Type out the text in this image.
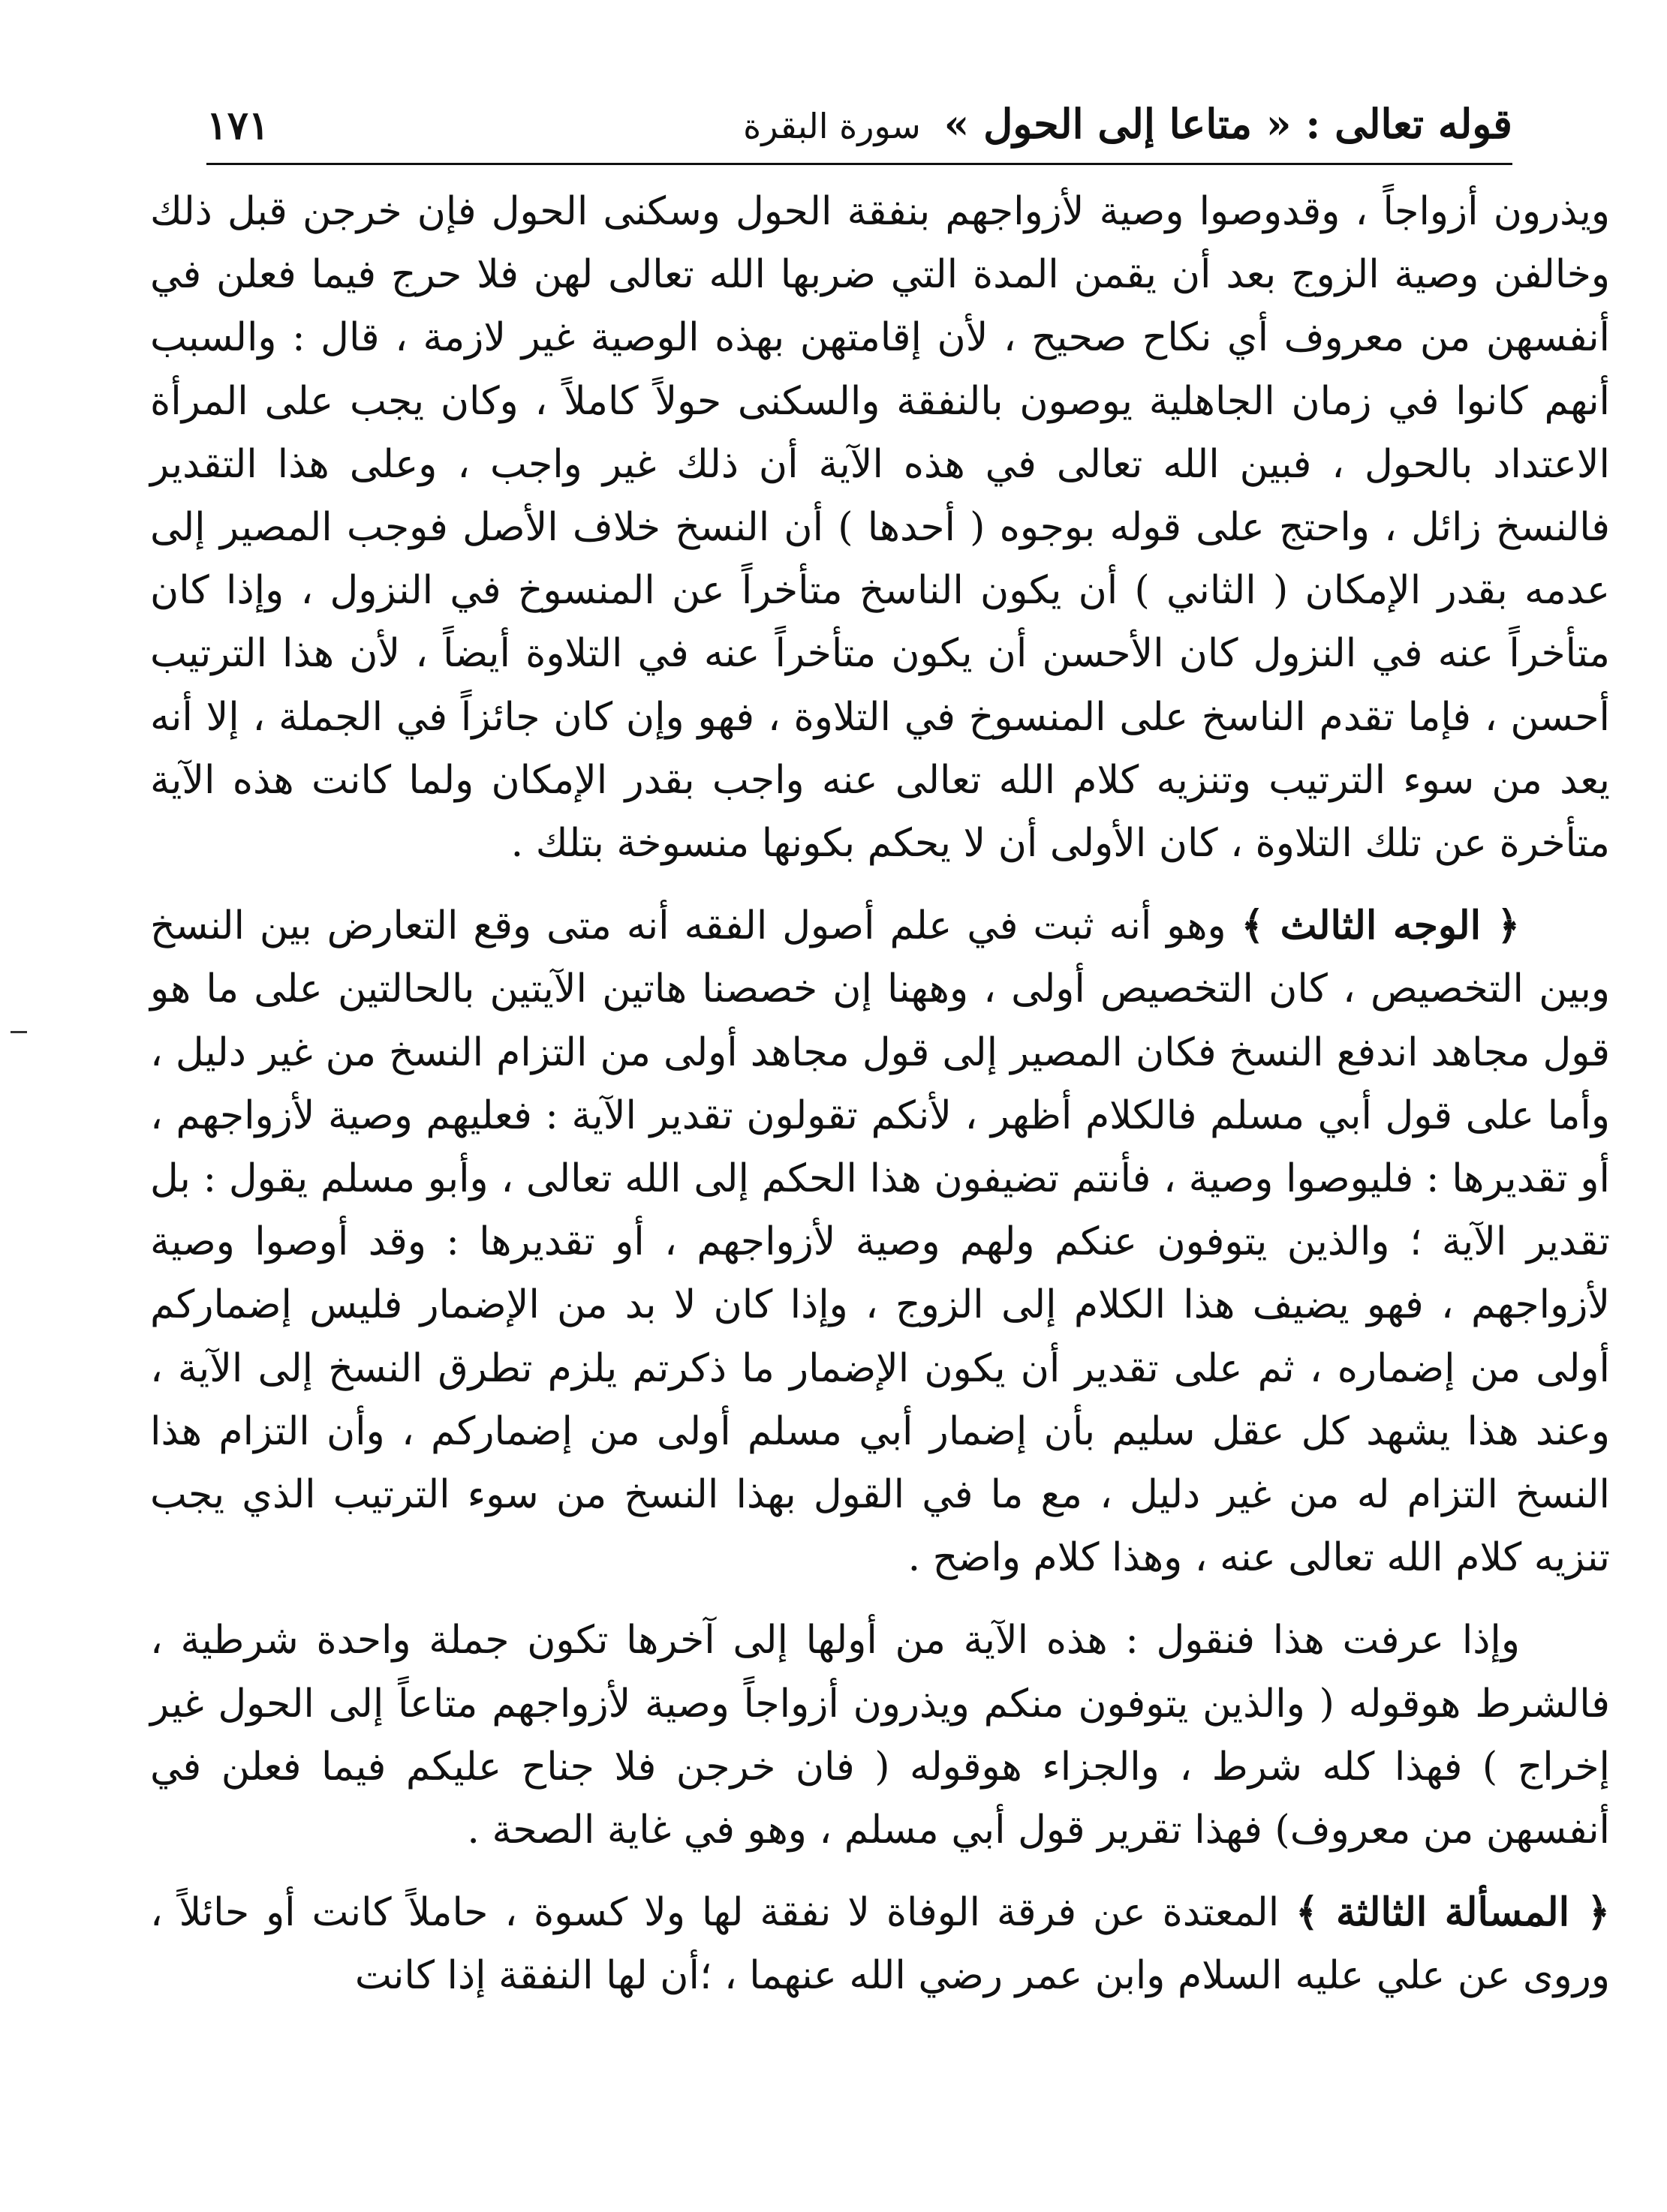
قوله تعالى : « متاعا إلى الحول » سورة البقرة
١٧١

ويذرون أزواجاً ، وقدوصوا وصية لأزواجهم بنفقة الحول وسكنى الحول فإن خرجن قبل ذلك وخالفن وصية الزوج بعد أن يقمن المدة التي ضربها الله تعالى لهن فلا حرج فيما فعلن في أنفسهن من معروف أي نكاح صحيح ، لأن إقامتهن بهذه الوصية غير لازمة ، قال : والسبب أنهم كانوا في زمان الجاهلية يوصون بالنفقة والسكنى حولاً كاملاً ، وكان يجب على المرأة الاعتداد بالحول ، فبين الله تعالى في هذه الآية أن ذلك غير واجب ، وعلى هذا التقدير فالنسخ زائل ، واحتج على قوله بوجوه ( أحدها ) أن النسخ خلاف الأصل فوجب المصير إلى عدمه بقدر الإمكان ( الثاني ) أن يكون الناسخ متأخراً عن المنسوخ في النزول ، وإذا كان متأخراً عنه في النزول كان الأحسن أن يكون متأخراً عنه في التلاوة أيضاً ، لأن هذا الترتيب أحسن ، فإما تقدم الناسخ على المنسوخ في التلاوة ، فهو وإن كان جائزاً في الجملة ، إلا أنه يعد من سوء الترتيب وتنزيه كلام الله تعالى عنه واجب بقدر الإمكان ولما كانت هذه الآية متأخرة عن تلك التلاوة ، كان الأولى أن لا يحكم بكونها منسوخة بتلك .

﴿ الوجه الثالث ﴾ وهو أنه ثبت في علم أصول الفقه أنه متى وقع التعارض بين النسخ وبين التخصيص ، كان التخصيص أولى ، وههنا إن خصصنا هاتين الآيتين بالحالتين على ما هو قول مجاهد اندفع النسخ فكان المصير إلى قول مجاهد أولى من التزام النسخ من غير دليل ، وأما على قول أبي مسلم فالكلام أظهر ، لأنكم تقولون تقدير الآية : فعليهم وصية لأزواجهم ، أو تقديرها : فليوصوا وصية ، فأنتم تضيفون هذا الحكم إلى الله تعالى ، وأبو مسلم يقول : بل تقدير الآية ؛ والذين يتوفون عنكم ولهم وصية لأزواجهم ، أو تقديرها : وقد أوصوا وصية لأزواجهم ، فهو يضيف هذا الكلام إلى الزوج ، وإذا كان لا بد من الإضمار فليس إضماركم أولى من إضماره ، ثم على تقدير أن يكون الإضمار ما ذكرتم يلزم تطرق النسخ إلى الآية ، وعند هذا يشهد كل عقل سليم بأن إضمار أبي مسلم أولى من إضماركم ، وأن التزام هذا النسخ التزام له من غير دليل ، مع ما في القول بهذا النسخ من سوء الترتيب الذي يجب تنزيه كلام الله تعالى عنه ، وهذا كلام واضح .

وإذا عرفت هذا فنقول : هذه الآية من أولها إلى آخرها تكون جملة واحدة شرطية ، فالشرط هوقوله ( والذين يتوفون منكم ويذرون أزواجاً وصية لأزواجهم متاعاً إلى الحول غير إخراج ) فهذا كله شرط ، والجزاء هوقوله ( فان خرجن فلا جناح عليكم فيما فعلن في أنفسهن من معروف) فهذا تقرير قول أبي مسلم ، وهو في غاية الصحة .

﴿ المسألة الثالثة ﴾ المعتدة عن فرقة الوفاة لا نفقة لها ولا كسوة ، حاملاً كانت أو حائلاً ، وروى عن علي عليه السلام وابن عمر رضي الله عنهما ، ؛أن لها النفقة إذا كانت
